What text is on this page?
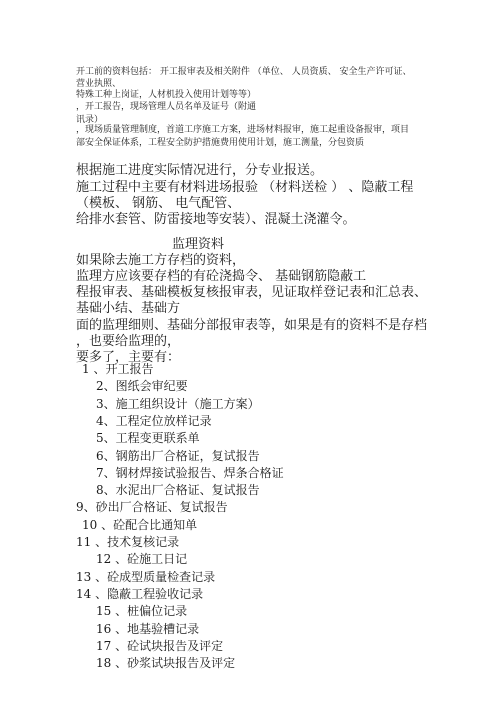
开工前的资料包括： 开工报审表及相关附件 （单位、 人员资质、 安全生产许可证、
营业执照、
特殊工种上岗证，人材机投入使用计划等等）
，开工报告，现场管理人员名单及证号（附通
讯录）
，现场质量管理制度，首道工序施工方案，进场材料报审，施工起重设备报审，项目
部安全保证体系，工程安全防护措施费用使用计划，施工测量，分包资质
根据施工进度实际情况进行，分专业报送。
施工过程中主要有材料进场报验 （材料送检 ） 、隐蔽工程
（模板、 钢筋、 电气配管、
给排水套管、防雷接地等安装）、混凝土浇灌令。
监理资料
如果除去施工方存档的资料，
监理方应该要存档的有砼浇捣令、 基础钢筋隐蔽工
程报审表、基础模板复核报审表，见证取样登记表和汇总表、
基础小结、基础方
面的监理细则、基础分部报审表等，如果是有的资料不是存档
，也要给监理的，
要多了，主要有：
1 、开工报告
2、图纸会审纪要
3、施工组织设计（施工方案）
4、工程定位放样记录
5、工程变更联系单
6、钢筋出厂合格证，复试报告
7、钢材焊接试验报告、焊条合格证
8、水泥出厂合格证、复试报告
9、砂出厂合格证、复试报告
10 、砼配合比通知单
11 、技术复核记录
12 、砼施工日记
13 、砼成型质量检查记录
14 、隐蔽工程验收记录
15 、桩偏位记录
16 、地基验槽记录
17 、砼试块报告及评定
18 、砂浆试块报告及评定
